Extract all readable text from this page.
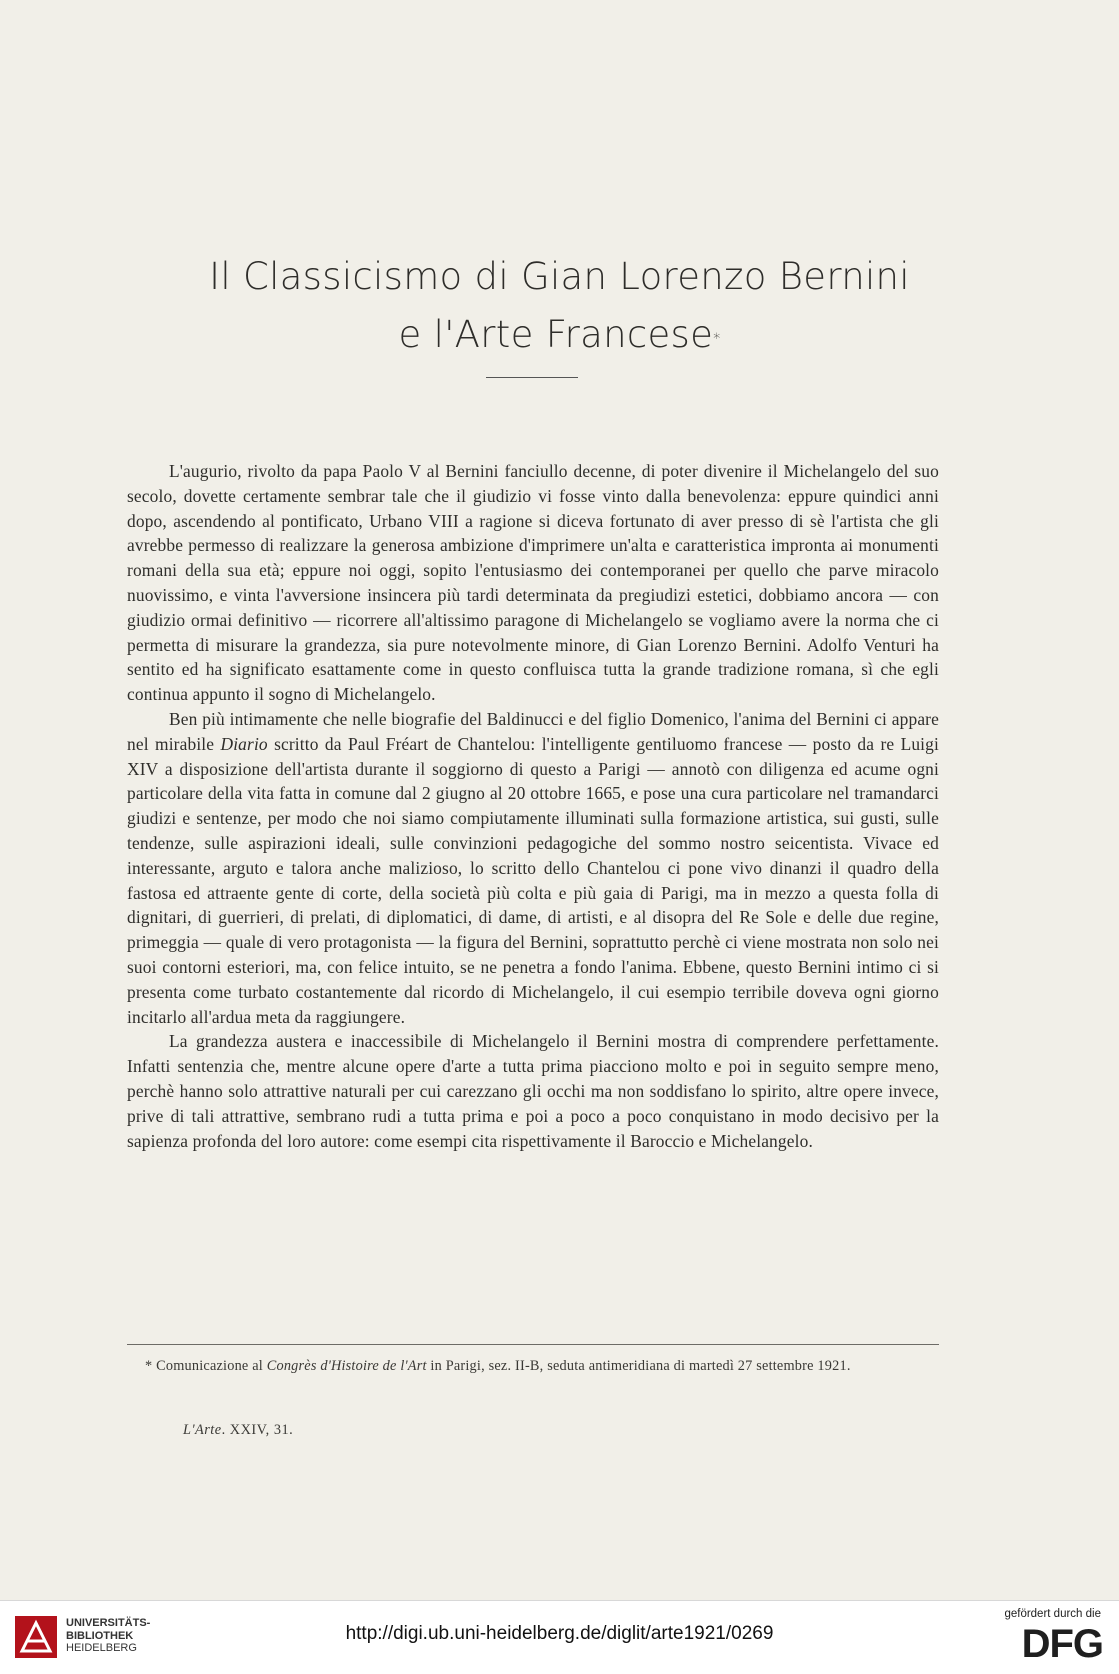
Il Classicismo di Gian Lorenzo Bernini
e l'Arte Francese*

L'augurio, rivolto da papa Paolo V al Bernini fanciullo decenne, di poter divenire il Michelangelo del suo secolo, dovette certamente sembrar tale che il giudizio vi fosse vinto dalla benevolenza: eppure quindici anni dopo, ascendendo al pontificato, Urbano VIII a ragione si diceva fortunato di aver presso di sè l'artista che gli avrebbe permesso di realizzare la generosa ambizione d'imprimere un'alta e caratteristica impronta ai monumenti romani della sua età; eppure noi oggi, sopito l'entusiasmo dei contemporanei per quello che parve miracolo nuovissimo, e vinta l'avversione insincera più tardi determinata da pregiudizi estetici, dobbiamo ancora — con giudizio ormai definitivo — ricorrere all'altissimo paragone di Michelangelo se vogliamo avere la norma che ci permetta di misurare la grandezza, sia pure notevolmente minore, di Gian Lorenzo Bernini. Adolfo Venturi ha sentito ed ha significato esattamente come in questo confluisca tutta la grande tradizione romana, sì che egli continua appunto il sogno di Michelangelo.

Ben più intimamente che nelle biografie del Baldinucci e del figlio Domenico, l'anima del Bernini ci appare nel mirabile Diario scritto da Paul Fréart de Chantelou: l'intelligente gentiluomo francese — posto da re Luigi XIV a disposizione dell'artista durante il soggiorno di questo a Parigi — annotò con diligenza ed acume ogni particolare della vita fatta in comune dal 2 giugno al 20 ottobre 1665, e pose una cura particolare nel tramandarci giudizi e sentenze, per modo che noi siamo compiutamente illuminati sulla formazione artistica, sui gusti, sulle tendenze, sulle aspirazioni ideali, sulle convinzioni pedagogiche del sommo nostro seicentista. Vivace ed interessante, arguto e talora anche malizioso, lo scritto dello Chantelou ci pone vivo dinanzi il quadro della fastosa ed attraente gente di corte, della società più colta e più gaia di Parigi, ma in mezzo a questa folla di dignitari, di guerrieri, di prelati, di diplomatici, di dame, di artisti, e al disopra del Re Sole e delle due regine, primeggia — quale di vero protagonista — la figura del Bernini, soprattutto perchè ci viene mostrata non solo nei suoi contorni esteriori, ma, con felice intuito, se ne penetra a fondo l'anima. Ebbene, questo Bernini intimo ci si presenta come turbato costantemente dal ricordo di Michelangelo, il cui esempio terribile doveva ogni giorno incitarlo all'ardua meta da raggiungere.

La grandezza austera e inaccessibile di Michelangelo il Bernini mostra di comprendere perfettamente. Infatti sentenzia che, mentre alcune opere d'arte a tutta prima piacciono molto e poi in seguito sempre meno, perchè hanno solo attrattive naturali per cui carezzano gli occhi ma non soddisfano lo spirito, altre opere invece, prive di tali attrattive, sembrano rudi a tutta prima e poi a poco a poco conquistano in modo decisivo per la sapienza profonda del loro autore: come esempi cita rispettivamente il Baroccio e Michelangelo.

* Comunicazione al Congrès d'Histoire de l'Art in Parigi, sez. II-B, seduta antimeridiana di martedì 27 settembre 1921.

L'Arte. XXIV, 31.
UNIVERSITÄTS-
BIBLIOTHEK
HEIDELBERG
http://digi.ub.uni-heidelberg.de/diglit/arte1921/0269
gefördert durch die
DFG
